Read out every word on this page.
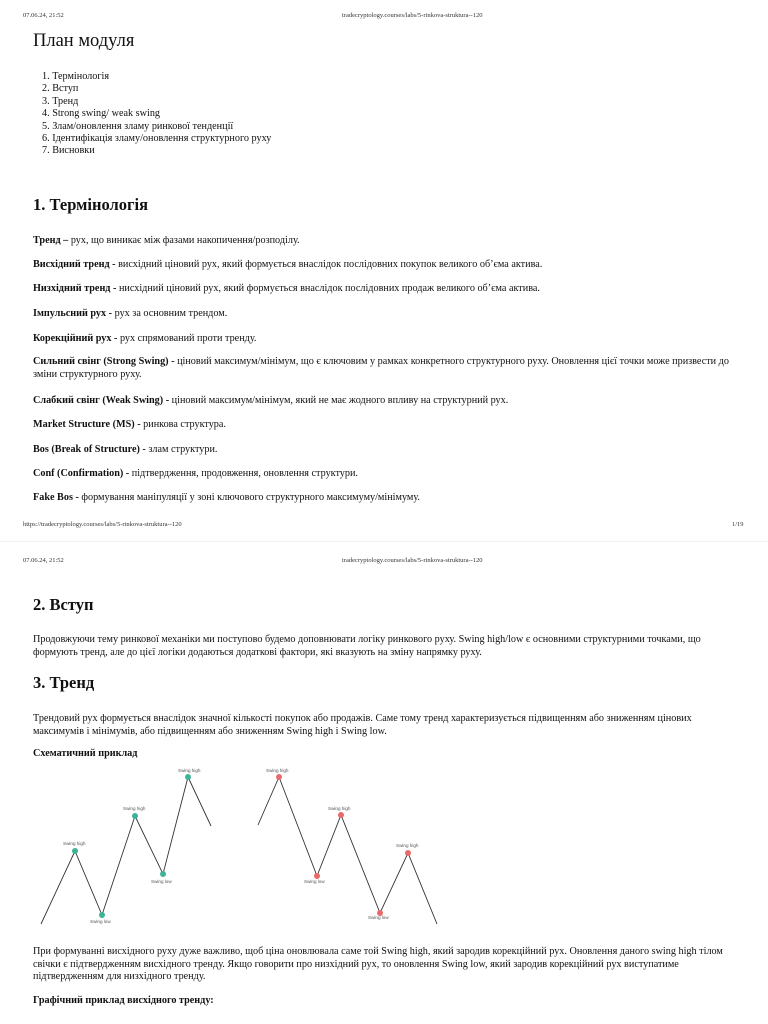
07.06.24, 21:52	tradecryptology.courses/labs/5-rinkova-struktura--120
План модуля
1. Термінологія
2. Вступ
3. Тренд
4. Strong swing/ weak swing
5. Злам/оновлення зламу ринкової тенденції
6. Ідентифікація зламу/оновлення структурного руху
7. Висновки
1. Термінологія

Тренд – рух, що виникає між фазами накопичення/розподілу.

Висхідний тренд - висхідний ціновий рух, який формується внаслідок послідовних покупок великого об’єма актива.

Низхідний тренд - нисхідний ціновий рух, який формується внаслідок послідовних продаж великого об’єма актива.

Імпульсний рух - рух за основним трендом.

Корекційний рух - рух спрямований проти тренду.

Сильний свінг (Strong Swing) - ціновий максимум/мінімум, що є ключовим у рамках конкретного структурного руху. Оновлення цієї точки може призвести до зміни структурного руху.

Слабкий свінг (Weak Swing) - ціновий максимум/мінімум, який не має жодного впливу на структурний рух.

Market Structure (MS) - ринкова структура.

Bos (Break of Structure) - злам структури.

Conf (Confirmation) - підтвердження, продовження, оновлення структури.

Fake Bos - формування маніпуляції у зоні ключового структурного максимуму/мінімуму.

https://tradecryptology.courses/labs/5-rinkova-struktura--120	1/19
07.06.24, 21:52	tradecryptology.courses/labs/5-rinkova-struktura--120
2. Вступ

Продовжуючи тему ринкової механіки ми поступово будемо доповнювати логіку ринкового руху. Swing high/low є основними структурними точками, що формують тренд, але до цієї логіки додаються додаткові фактори, які вказують на зміну напрямку руху.

3. Тренд

Трендовий рух формується внаслідок значної кількості покупок або продажів. Саме тому тренд характеризується підвищенням або зниженням цінових максимумів і мінімумів, або підвищенням або зниженням Swing high і Swing low.

Схематичний приклад

Swing high
Swing low
Swing high
Swing low
Swing high	Swing high
Swing low
Swing high
Swing low
Swing high

При формуванні висхідного руху дуже важливо, щоб ціна оновлювала саме той Swing high, який зародив корекційний рух. Оновлення даного swing high тілом свічки є підтвердженням висхідного тренду. Якщо говорити про низхідний рух, то оновлення Swing low, який зародив корекційний рух виступатиме підтвердженням для низхідного тренду.

Графічний приклад висхідного тренду:
